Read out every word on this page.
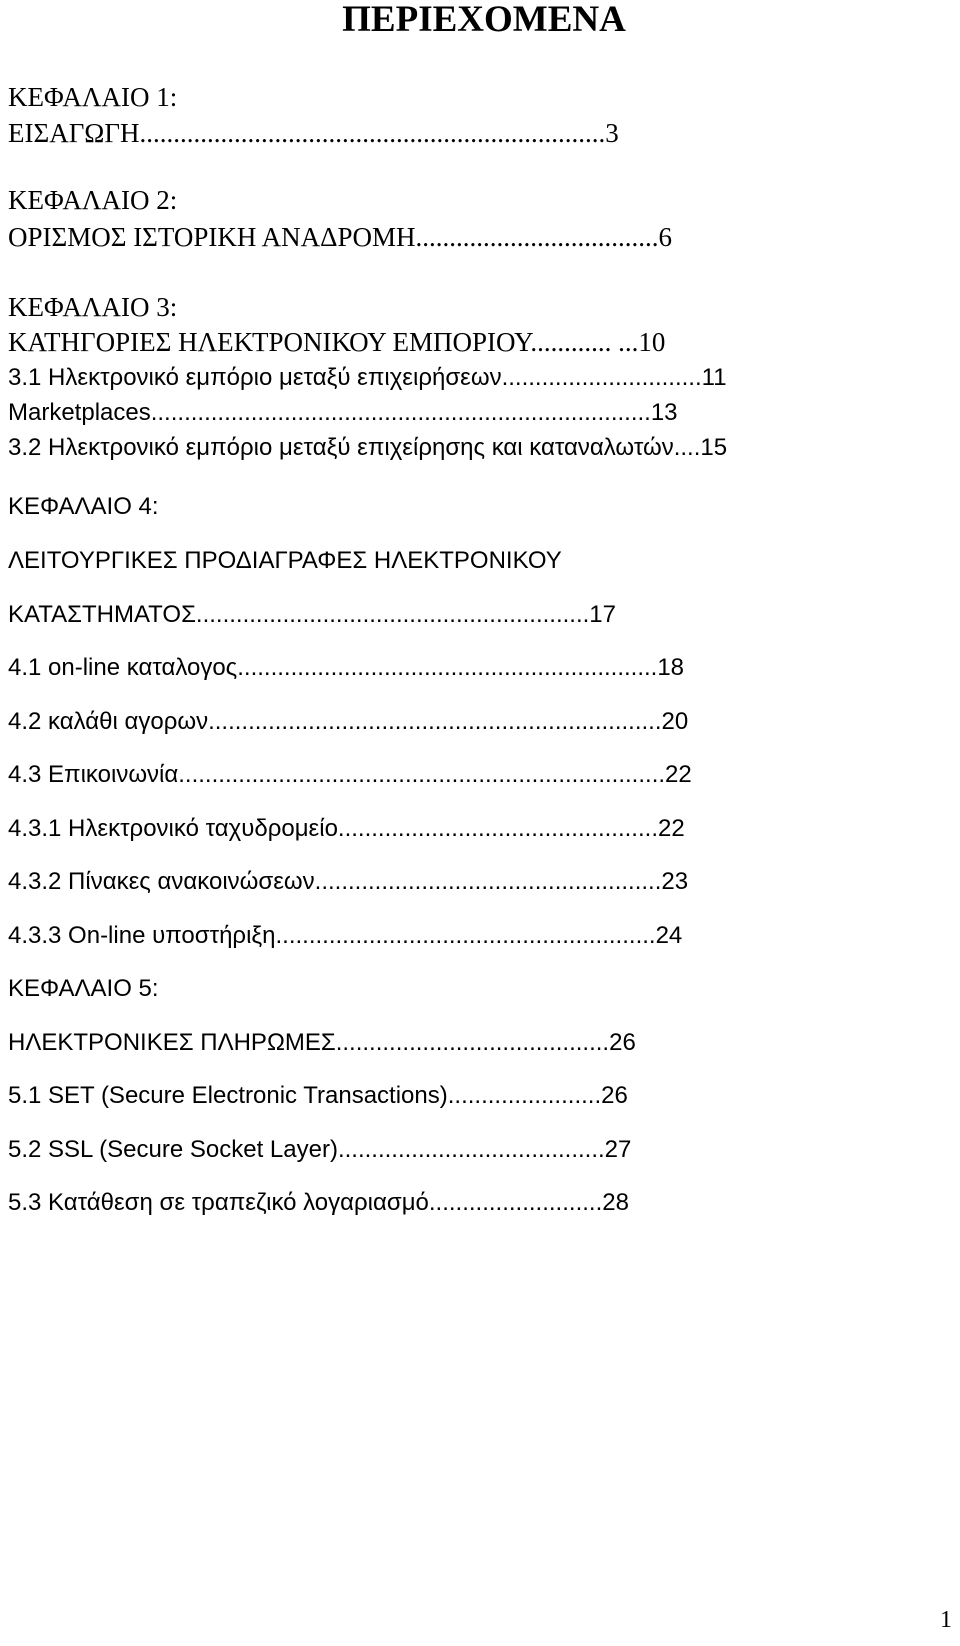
ΠΕΡΙΕΧΟΜΕΝΑ
ΚΕΦΑΛΑΙΟ 1:
ΕΙΣΑΓΩΓΗ.....................................................................3
ΚΕΦΑΛΑΙΟ 2:
ΟΡΙΣΜΟΣ ΙΣΤΟΡΙΚΗ ΑΝΑΔΡΟΜΗ....................................6
ΚΕΦΑΛΑΙΟ 3:
ΚΑΤΗΓΟΡΙΕΣ ΗΛΕΚΤΡΟΝΙΚΟΥ ΕΜΠΟΡΙΟΥ............ ...10
3.1 Ηλεκτρονικό εμπόριο μεταξύ επιχειρήσεων..............................11
Marketplaces...........................................................................13
3.2 Ηλεκτρονικό εμπόριο μεταξύ επιχείρησης και καταναλωτών....15
ΚΕΦΑΛΑΙΟ 4:
ΛΕΙΤΟΥΡΓΙΚΕΣ ΠΡΟΔΙΑΓΡΑΦΕΣ ΗΛΕΚΤΡΟΝΙΚΟΥ
ΚΑΤΑΣΤΗΜΑΤΟΣ...........................................................17
4.1 on-line καταλογος...............................................................18
4.2 καλάθι αγορων....................................................................20
4.3 Επικοινωνία.........................................................................22
4.3.1 Ηλεκτρονικό ταχυδρομείο................................................22
4.3.2 Πίνακες ανακοινώσεων....................................................23
4.3.3 On-line υποστήριξη.........................................................24
ΚΕΦΑΛΑΙΟ 5:
ΗΛΕΚΤΡΟΝΙΚΕΣ ΠΛΗΡΩΜΕΣ.........................................26
5.1 SET (Secure Electronic Transactions).......................26
5.2 SSL (Secure Socket Layer)........................................27
5.3 Κατάθεση σε τραπεζικό λογαριασμό..........................28
1
